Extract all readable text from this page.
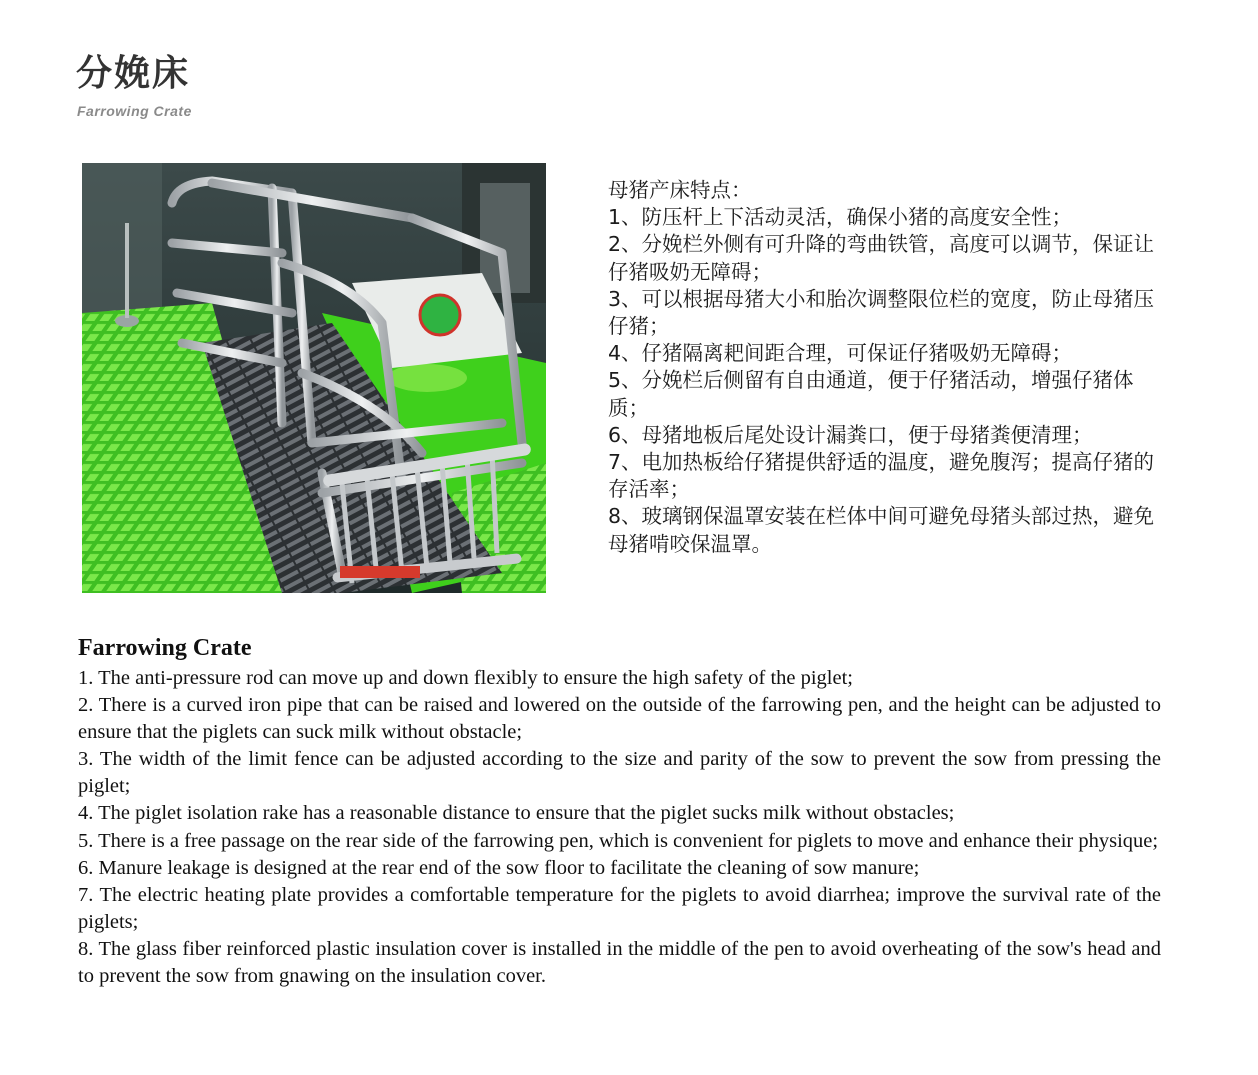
分娩床
Farrowing Crate

母猪产床特点：

1、防压杆上下活动灵活，确保小猪的高度安全性；

2、分娩栏外侧有可升降的弯曲铁管，高度可以调节，保证让仔猪吸奶无障碍；

3、可以根据母猪大小和胎次调整限位栏的宽度，防止母猪压仔猪；

4、仔猪隔离耙间距合理，可保证仔猪吸奶无障碍；

5、分娩栏后侧留有自由通道，便于仔猪活动，增强仔猪体质；

6、母猪地板后尾处设计漏粪口，便于母猪粪便清理；

7、电加热板给仔猪提供舒适的温度，避免腹泻；提高仔猪的存活率；

8、玻璃钢保温罩安装在栏体中间可避免母猪头部过热，避免母猪啃咬保温罩。

Farrowing Crate

1. The anti-pressure rod can move up and down flexibly to ensure the high safety of the piglet;

2. There is a curved iron pipe that can be raised and lowered on the outside of the farrowing pen, and the height can be adjusted to ensure that the piglets can suck milk without obstacle;

3. The width of the limit fence can be adjusted according to the size and parity of the sow to prevent the sow from pressing the piglet;

4. The piglet isolation rake has a reasonable distance to ensure that the piglet sucks milk without obstacles;

5. There is a free passage on the rear side of the farrowing pen, which is convenient for piglets to move and enhance their physique;

6. Manure leakage is designed at the rear end of the sow floor to facilitate the cleaning of sow manure;

7. The electric heating plate provides a comfortable temperature for the piglets to avoid diarrhea; improve the survival rate of the piglets;

8. The glass fiber reinforced plastic insulation cover is installed in the middle of the pen to avoid overheating of the sow's head and to prevent the sow from gnawing on the insulation cover.
